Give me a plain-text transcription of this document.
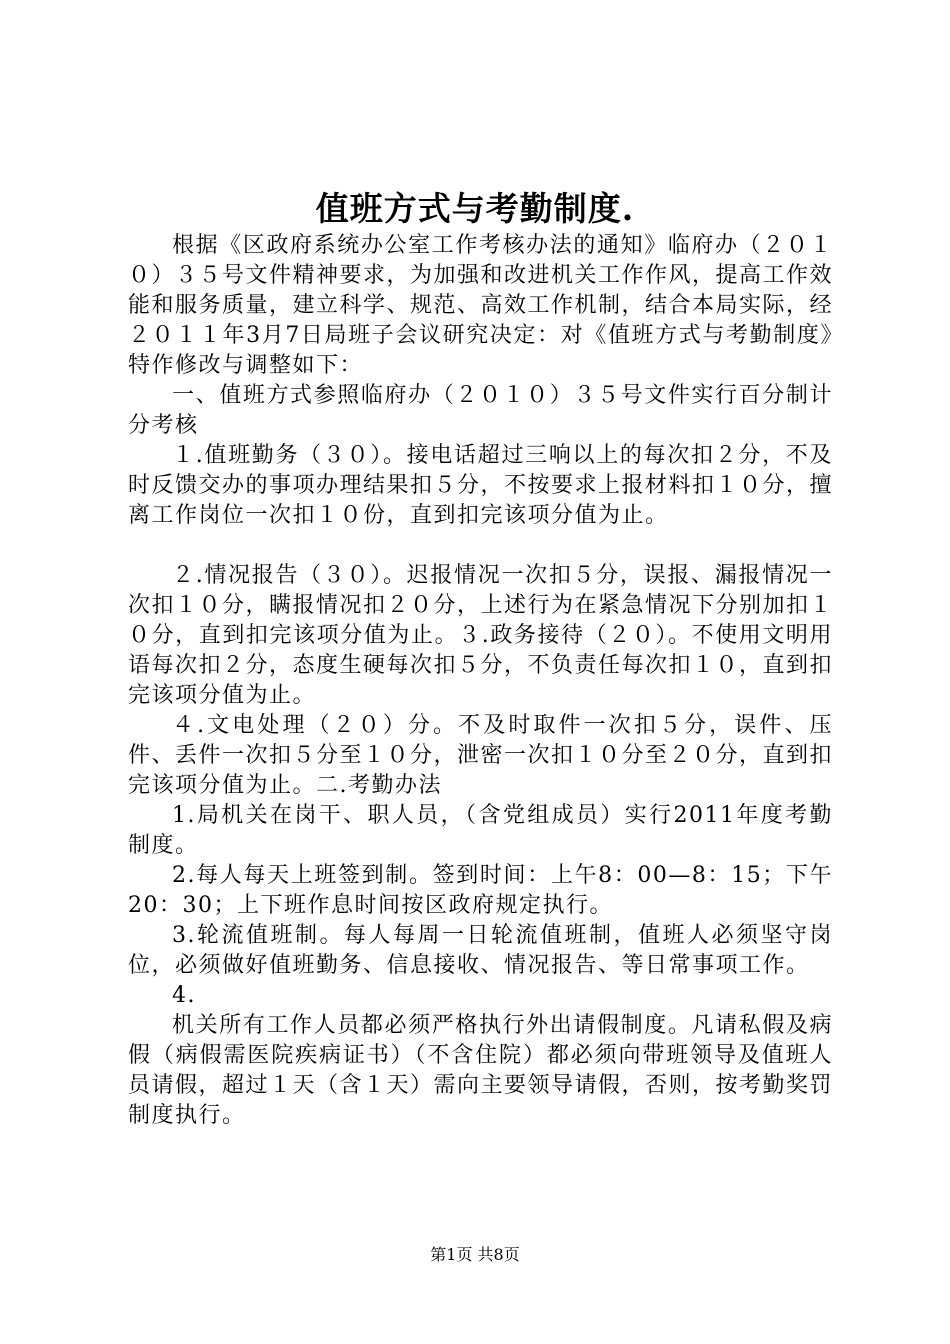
值班方式与考勤制度.

根据《区政府系统办公室工作考核办法的通知》临府办（２０１０）３５号文件精神要求，为加强和改进机关工作作风，提高工作效能和服务质量，建立科学、规范、高效工作机制，结合本局实际，经２０１１年3月7日局班子会议研究决定：对《值班方式与考勤制度》特作修改与调整如下：

一、值班方式参照临府办（２０１０）３５号文件实行百分制计分考核

１.值班勤务（３０）。接电话超过三响以上的每次扣２分，不及时反馈交办的事项办理结果扣５分，不按要求上报材料扣１０分，擅离工作岗位一次扣１０份，直到扣完该项分值为止。

２.情况报告（３０）。迟报情况一次扣５分，误报、漏报情况一次扣１０分，瞒报情况扣２０分，上述行为在紧急情况下分别加扣１０分，直到扣完该项分值为止。３.政务接待（２０）。不使用文明用语每次扣２分，态度生硬每次扣５分，不负责任每次扣１０，直到扣完该项分值为止。

４.文电处理（２０）分。不及时取件一次扣５分，误件、压件、丢件一次扣５分至１０分，泄密一次扣１０分至２０分，直到扣完该项分值为止。二.考勤办法

1.局机关在岗干、职人员，（含党组成员）实行2011年度考勤制度。

2.每人每天上班签到制。签到时间：上午8：00—8：15；下午20：30；上下班作息时间按区政府规定执行。

3.轮流值班制。每人每周一日轮流值班制，值班人必须坚守岗位，必须做好值班勤务、信息接收、情况报告、等日常事项工作。

4.

机关所有工作人员都必须严格执行外出请假制度。凡请私假及病假（病假需医院疾病证书）（不含住院）都必须向带班领导及值班人员请假，超过１天（含１天）需向主要领导请假，否则，按考勤奖罚制度执行。

第1页 共8页
